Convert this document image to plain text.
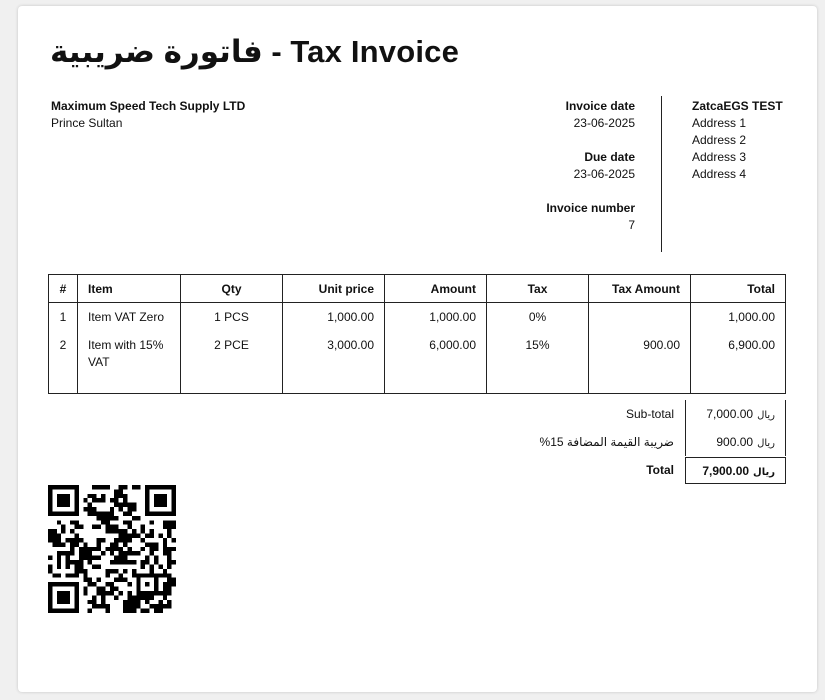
فاتورة ضريبية - Tax Invoice
Maximum Speed Tech Supply LTD
Prince Sultan
Invoice date
23-06-2025
Due date
23-06-2025
Invoice number
7
ZatcaEGS TEST
Address 1
Address 2
Address 3
Address 4
#	Item	Qty	Unit price	Amount	Tax	Tax Amount	Total
1	Item VAT Zero	1 PCS	1,000.00	1,000.00	0%		1,000.00
2	Item with 15% VAT	2 PCE	3,000.00	6,000.00	15%	900.00	6,900.00
Sub-total	7,000.00 ريال
%ضريبة القيمة المضافة 15	900.00 ريال
Total	7,900.00 ريال
